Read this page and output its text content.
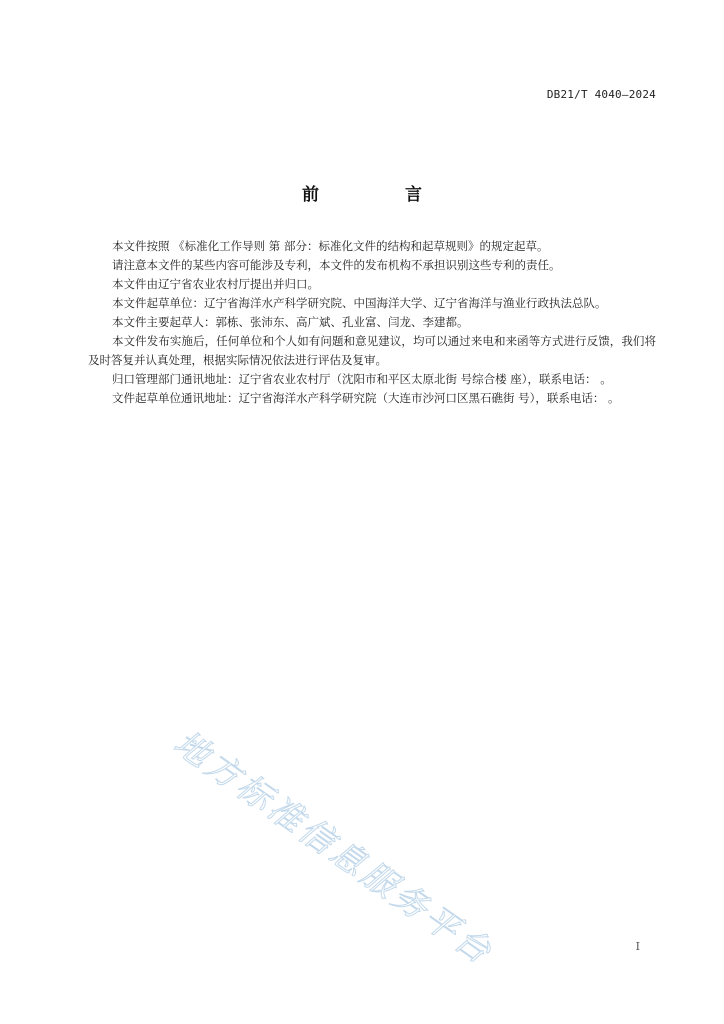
DB21/T 4040—2024
前 言

本文件按照 《标准化工作导则 第 部分：标准化文件的结构和起草规则》的规定起草。

请注意本文件的某些内容可能涉及专利，本文件的发布机构不承担识别这些专利的责任。

本文件由辽宁省农业农村厅提出并归口。

本文件起草单位：辽宁省海洋水产科学研究院、中国海洋大学、辽宁省海洋与渔业行政执法总队。

本文件主要起草人：郭栋、张沛东、高广斌、孔业富、闫龙、李建都。

本文件发布实施后，任何单位和个人如有问题和意见建议，均可以通过来电和来函等方式进行反馈，我们将及时答复并认真处理，根据实际情况依法进行评估及复审。

归口管理部门通讯地址：辽宁省农业农村厅（沈阳市和平区太原北街 号综合楼 座），联系电话： 。

文件起草单位通讯地址：辽宁省海洋水产科学研究院（大连市沙河口区黑石礁街 号），联系电话： 。

地方标准信息服务平台	I
